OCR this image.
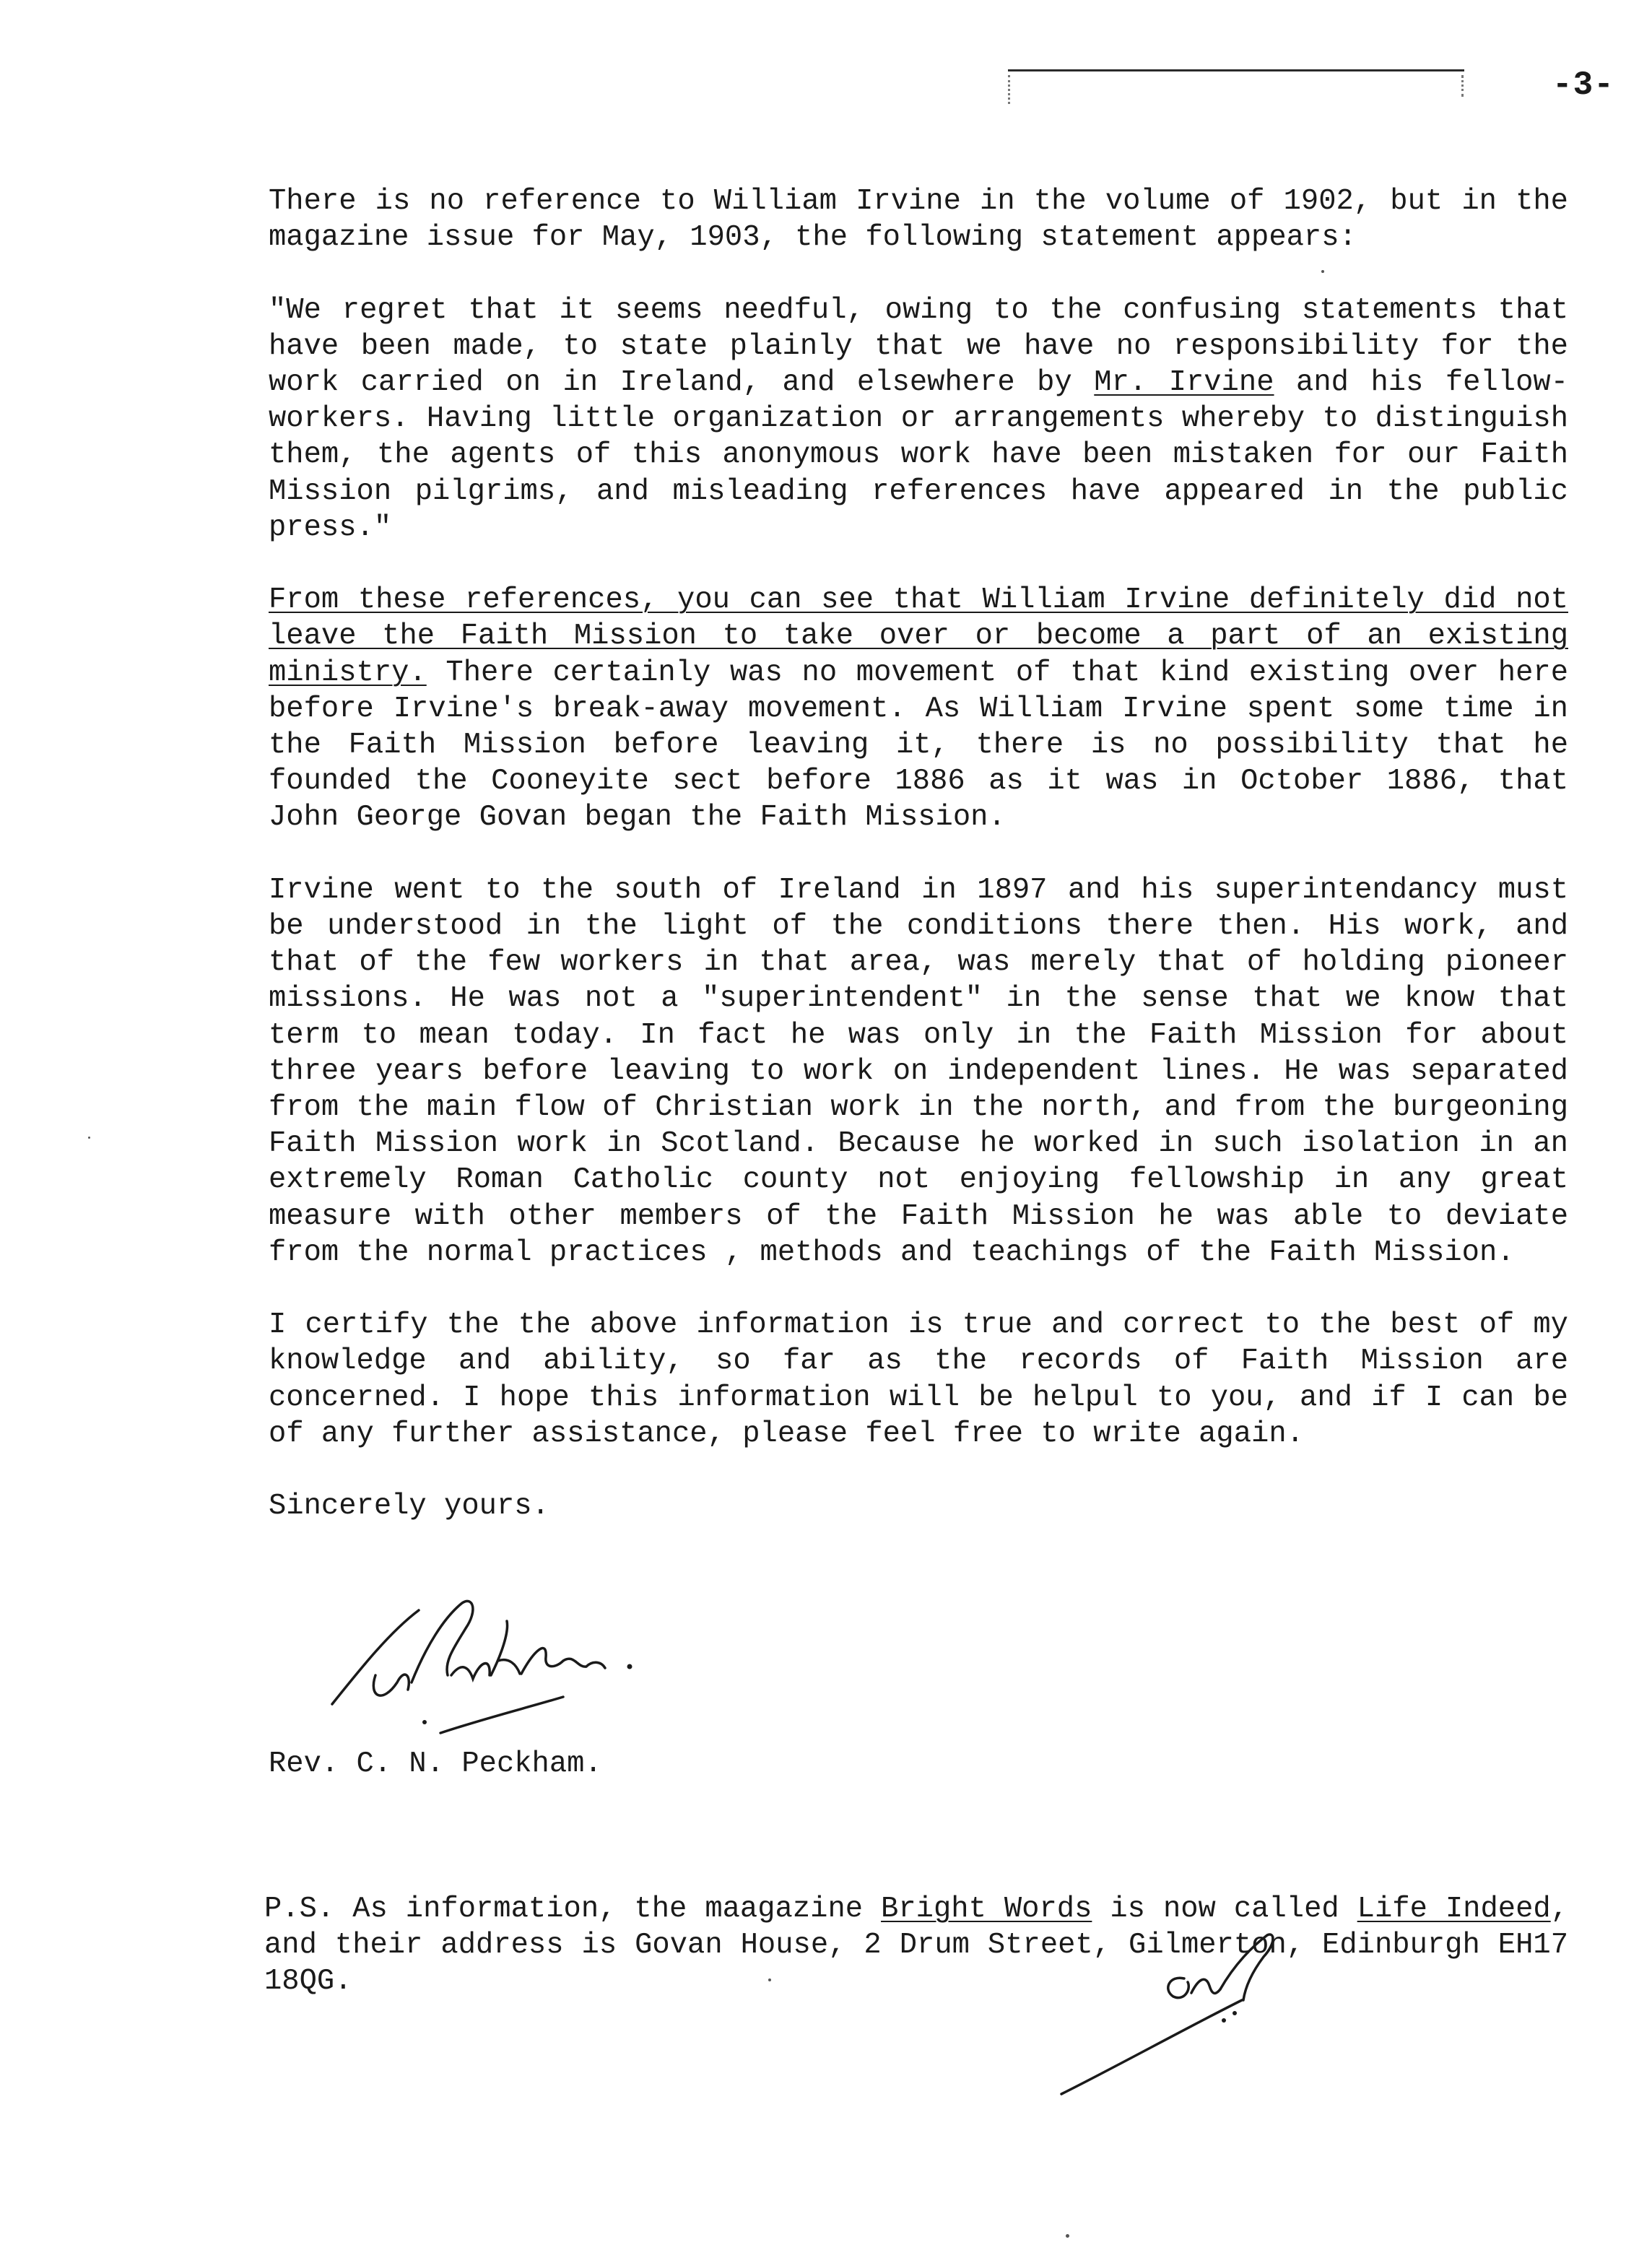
-3-

There is no reference to William Irvine in the volume of 1902, but in the magazine issue for May, 1903, the following statement appears:

"We regret that it seems needful, owing to the confusing statements that have been made, to state plainly that we have no responsibility for the work carried on in Ireland, and elsewhere by Mr. Irvine and his fellow-workers. Having little organization or arrangements whereby to distinguish them, the agents of this anonymous work have been mistaken for our Faith Mission pilgrims, and misleading references have appeared in the public press."

From these references, you can see that William Irvine definitely did not leave the Faith Mission to take over or become a part of an existing ministry. There certainly was no movement of that kind existing over here before Irvine's break-away movement. As William Irvine spent some time in the Faith Mission before leaving it, there is no possibility that he founded the Cooneyite sect before 1886 as it was in October 1886, that John George Govan began the Faith Mission.

Irvine went to the south of Ireland in 1897 and his superintendancy must be understood in the light of the conditions there then. His work, and that of the few workers in that area, was merely that of holding pioneer missions. He was not a "superintendent" in the sense that we know that term to mean today. In fact he was only in the Faith Mission for about three years before leaving to work on independent lines. He was separated from the main flow of Christian work in the north, and from the burgeoning Faith Mission work in Scotland. Because he worked in such isolation in an extremely Roman Catholic county not enjoying fellowship in any great measure with other members of the Faith Mission he was able to deviate from the normal practices , methods and teachings of the Faith Mission.

I certify the the above information is true and correct to the best of my knowledge and ability, so far as the records of Faith Mission are concerned. I hope this information will be helpul to you, and if I can be of any further assistance, please feel free to write again.

Sincerely yours.

Rev. C. N. Peckham.

P.S. As information, the maagazine Bright Words is now called Life Indeed, and their address is Govan House, 2 Drum Street, Gilmerton, Edinburgh EH17 18QG.
